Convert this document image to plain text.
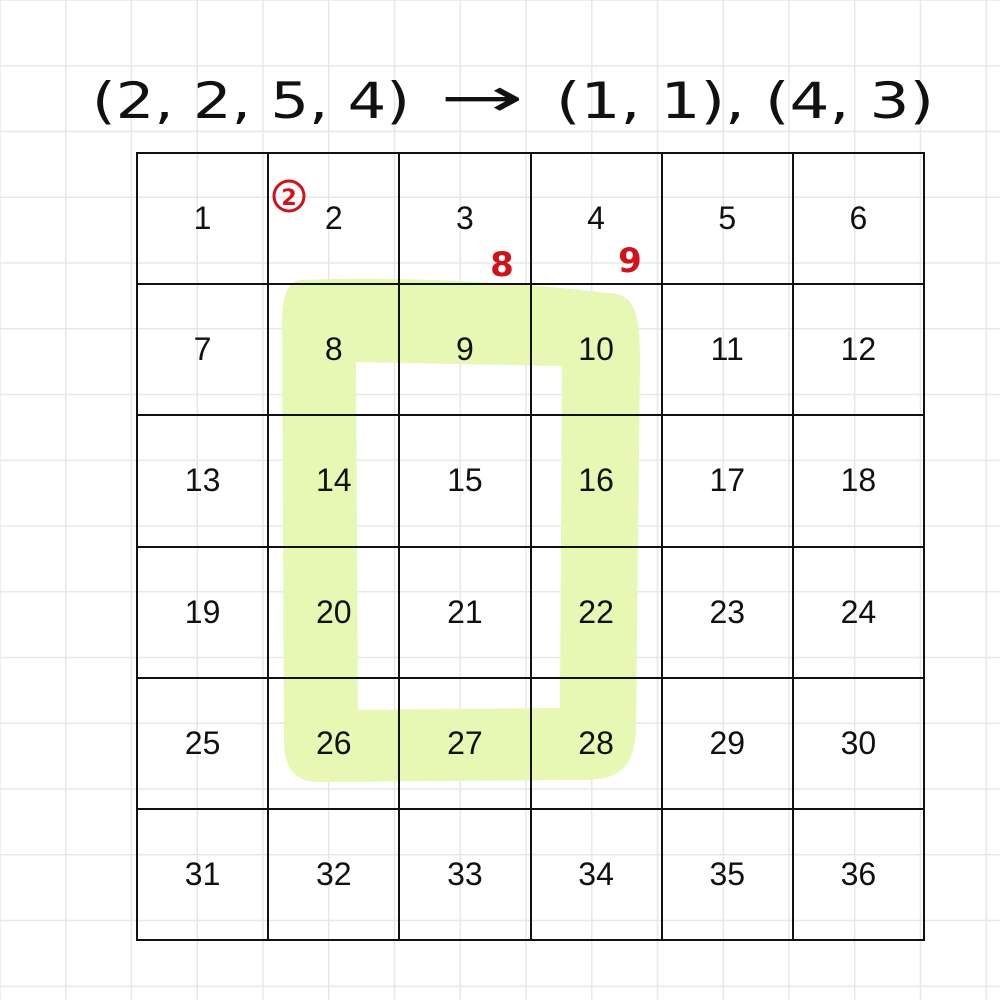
(2, 2, 5, 4) → (1, 1), (4, 3)
1	2	3	4	5	6
7	8	9	10	11	12
13	14	15	16	17	18
19	20	21	22	23	24
25	26	27	28	29	30
31	32	33	34	35	36
2
8	9
